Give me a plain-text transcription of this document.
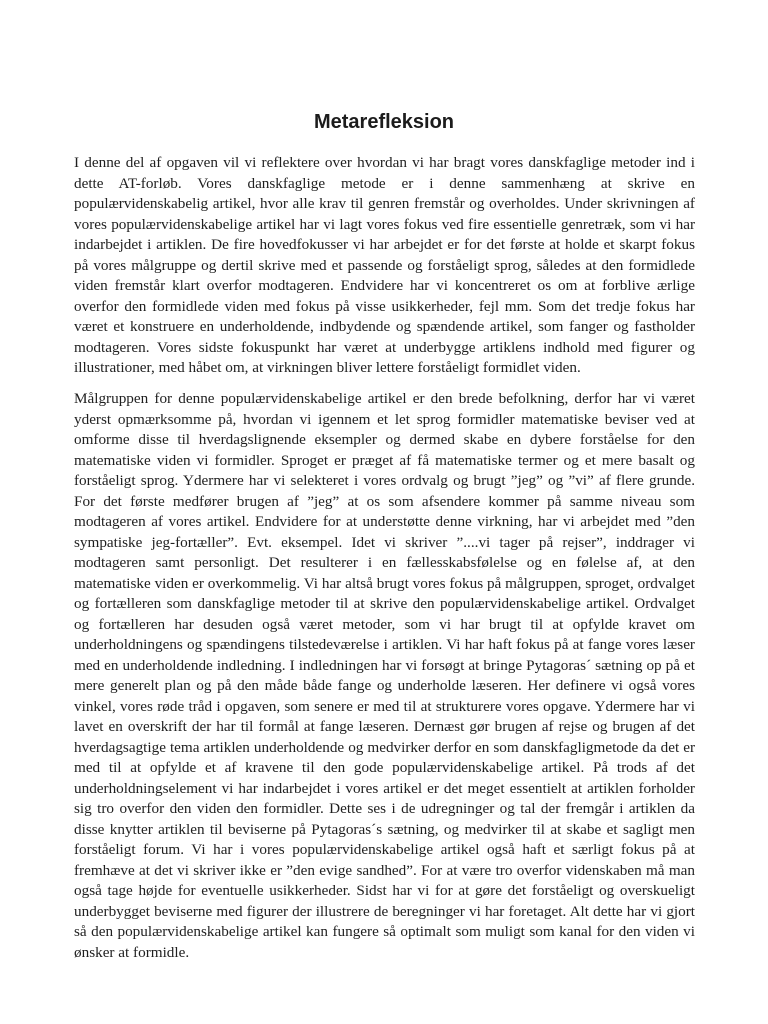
Metarefleksion

I denne del af opgaven vil vi reflektere over hvordan vi har bragt vores danskfaglige metoder ind i dette AT-forløb. Vores danskfaglige metode er i denne sammenhæng at skrive en populærvidenskabelig artikel, hvor alle krav til genren fremstår og overholdes. Under skrivningen af vores populærvidenskabelige artikel har vi lagt vores fokus ved fire essentielle genretræk, som vi har indarbejdet i artiklen. De fire hovedfokusser vi har arbejdet er for det første at holde et skarpt fokus på vores målgruppe og dertil skrive med et passende og forståeligt sprog, således at den formidlede viden fremstår klart overfor modtageren. Endvidere har vi koncentreret os om at forblive ærlige overfor den formidlede viden med fokus på visse usikkerheder, fejl mm. Som det tredje fokus har været et konstruere en underholdende, indbydende og spændende artikel, som fanger og fastholder modtageren. Vores sidste fokuspunkt har været at underbygge artiklens indhold med figurer og illustrationer, med håbet om, at virkningen bliver lettere forståeligt formidlet viden.

Målgruppen for denne populærvidenskabelige artikel er den brede befolkning, derfor har vi været yderst opmærksomme på, hvordan vi igennem et let sprog formidler matematiske beviser ved at omforme disse til hverdagslignende eksempler og dermed skabe en dybere forståelse for den matematiske viden vi formidler. Sproget er præget af få matematiske termer og et mere basalt og forståeligt sprog. Ydermere har vi selekteret i vores ordvalg og brugt ”jeg” og ”vi” af flere grunde. For det første medfører brugen af ”jeg” at os som afsendere kommer på samme niveau som modtageren af vores artikel. Endvidere for at understøtte denne virkning, har vi arbejdet med ”den sympatiske jeg-fortæller”. Evt. eksempel. Idet vi skriver ”....vi tager på rejser”, inddrager vi modtageren samt personligt. Det resulterer i en fællesskabsfølelse og en følelse af, at den matematiske viden er overkommelig. Vi har altså brugt vores fokus på målgruppen, sproget, ordvalget og fortælleren som danskfaglige metoder til at skrive den populærvidenskabelige artikel. Ordvalget og fortælleren har desuden også været metoder, som vi har brugt til at opfylde kravet om underholdningens og spændingens tilstedeværelse i artiklen. Vi har haft fokus på at fange vores læser med en underholdende indledning. I indledningen har vi forsøgt at bringe Pytagoras´ sætning op på et mere generelt plan og på den måde både fange og underholde læseren. Her definere vi også vores vinkel, vores røde tråd i opgaven, som senere er med til at strukturere vores opgave. Ydermere har vi lavet en overskrift der har til formål at fange læseren. Dernæst gør brugen af rejse og brugen af det hverdagsagtige tema artiklen underholdende og medvirker derfor en som danskfagligmetode da det er med til at opfylde et af kravene til den gode populærvidenskabelige artikel. På trods af det underholdningselement vi har indarbejdet i vores artikel er det meget essentielt at artiklen forholder sig tro overfor den viden den formidler. Dette ses i de udregninger og tal der fremgår i artiklen da disse knytter artiklen til beviserne på Pytagoras´s sætning, og medvirker til at skabe et sagligt men forståeligt forum. Vi har i vores populærvidenskabelige artikel også haft et særligt fokus på at fremhæve at det vi skriver ikke er ”den evige sandhed”. For at være tro overfor videnskaben må man også tage højde for eventuelle usikkerheder. Sidst har vi for at gøre det forståeligt og overskueligt underbygget beviserne med figurer der illustrere de beregninger vi har foretaget. Alt dette har vi gjort så den populærvidenskabelige artikel kan fungere så optimalt som muligt som kanal for den viden vi ønsker at formidle.
